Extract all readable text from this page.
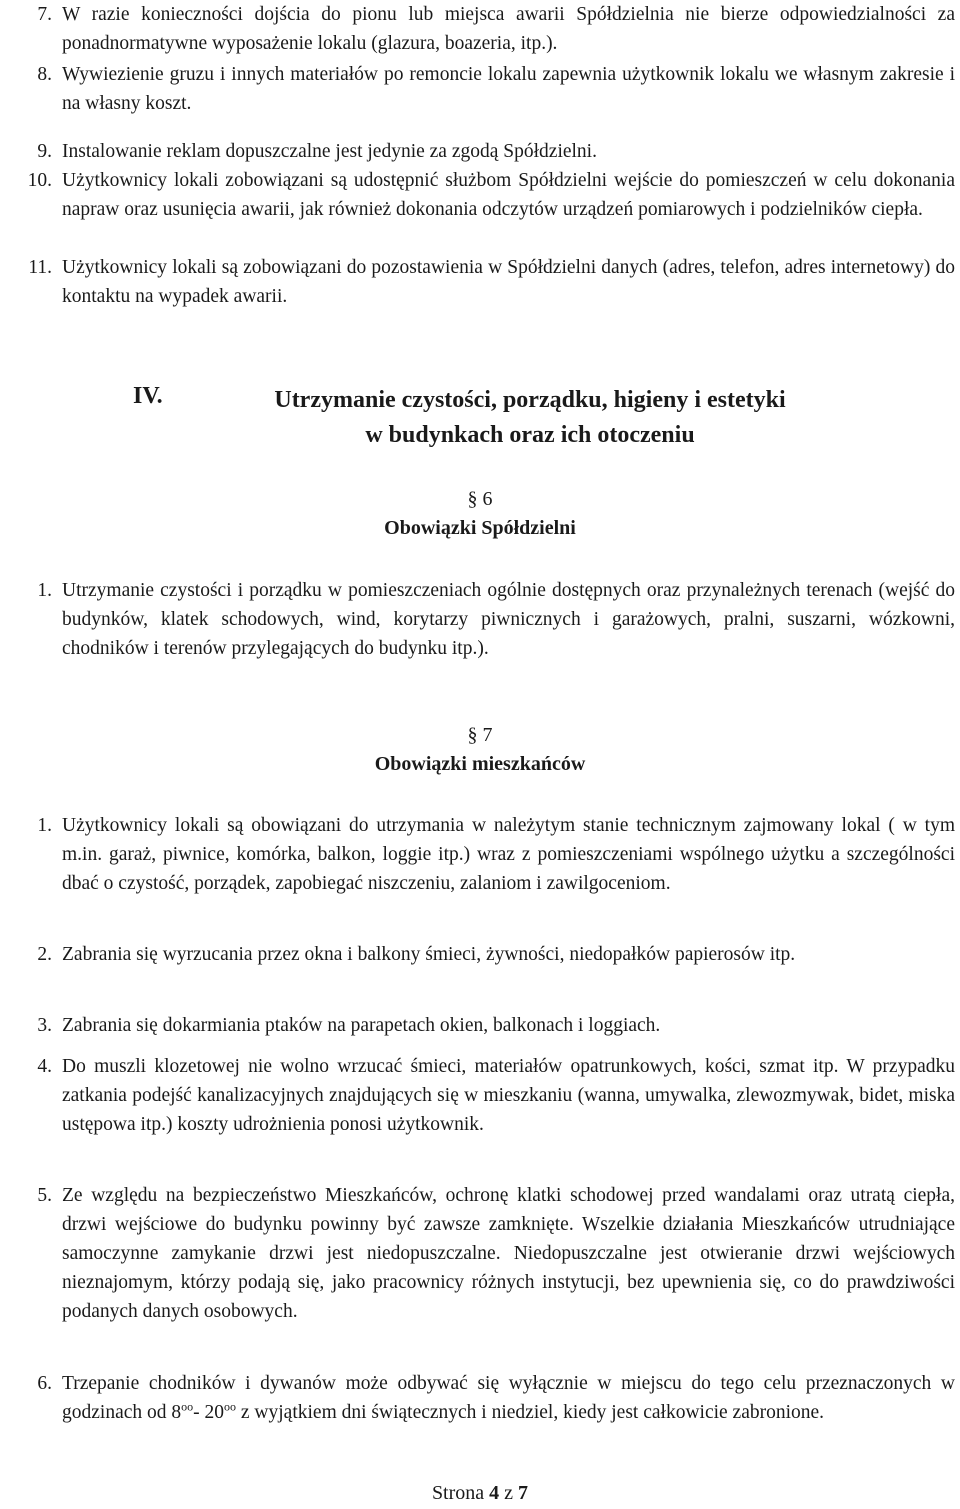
7. W razie konieczności dojścia do pionu lub miejsca awarii Spółdzielnia nie bierze odpowiedzialności za ponadnormatywne wyposażenie lokalu (glazura, boazeria, itp.).
8. Wywiezienie gruzu i innych materiałów po remoncie lokalu zapewnia użytkownik lokalu we własnym zakresie i na własny koszt.
9. Instalowanie reklam dopuszczalne jest jedynie za zgodą Spółdzielni.
10. Użytkownicy lokali zobowiązani są udostępnić służbom Spółdzielni wejście do pomieszczeń w celu dokonania napraw oraz usunięcia awarii, jak również dokonania odczytów urządzeń pomiarowych i podzielników ciepła.
11. Użytkownicy lokali są zobowiązani do pozostawienia w Spółdzielni danych (adres, telefon, adres internetowy) do kontaktu na wypadek awarii.
IV.	Utrzymanie czystości, porządku, higieny i estetyki
w budynkach oraz ich otoczeniu
§ 6
Obowiązki Spółdzielni
1. Utrzymanie czystości i porządku w pomieszczeniach ogólnie dostępnych oraz przynależnych terenach (wejść do budynków, klatek schodowych, wind, korytarzy piwnicznych i garażowych, pralni, suszarni, wózkowni, chodników i terenów przylegających do budynku itp.).
§ 7
Obowiązki mieszkańców
1. Użytkownicy lokali są obowiązani do utrzymania w należytym stanie technicznym zajmowany lokal ( w tym m.in. garaż, piwnice, komórka, balkon, loggie itp.) wraz z pomieszczeniami wspólnego użytku a szczególności dbać o czystość, porządek, zapobiegać niszczeniu, zalaniom i zawilgoceniom.
2. Zabrania się wyrzucania przez okna i balkony śmieci, żywności, niedopałków papierosów itp.
3. Zabrania się dokarmiania ptaków na parapetach okien, balkonach i loggiach.
4. Do muszli klozetowej nie wolno wrzucać śmieci, materiałów opatrunkowych, kości, szmat itp. W przypadku zatkania podejść kanalizacyjnych znajdujących się w mieszkaniu (wanna, umywalka, zlewozmywak, bidet, miska ustępowa itp.) koszty udrożnienia ponosi użytkownik.
5. Ze względu na bezpieczeństwo Mieszkańców, ochronę klatki schodowej przed wandalami oraz utratą ciepła, drzwi wejściowe do budynku powinny być zawsze zamknięte. Wszelkie działania Mieszkańców utrudniające samoczynne zamykanie drzwi jest niedopuszczalne. Niedopuszczalne jest otwieranie drzwi wejściowych nieznajomym, którzy podają się, jako pracownicy różnych instytucji, bez upewnienia się, co do prawdziwości podanych danych osobowych.
6. Trzepanie chodników i dywanów może odbywać się wyłącznie w miejscu do tego celu przeznaczonych w godzinach od $8^{oo}-$ $20^{oo}$ z wyjątkiem dni świątecznych i niedziel, kiedy jest całkowicie zabronione.
Strona 4 z 7
